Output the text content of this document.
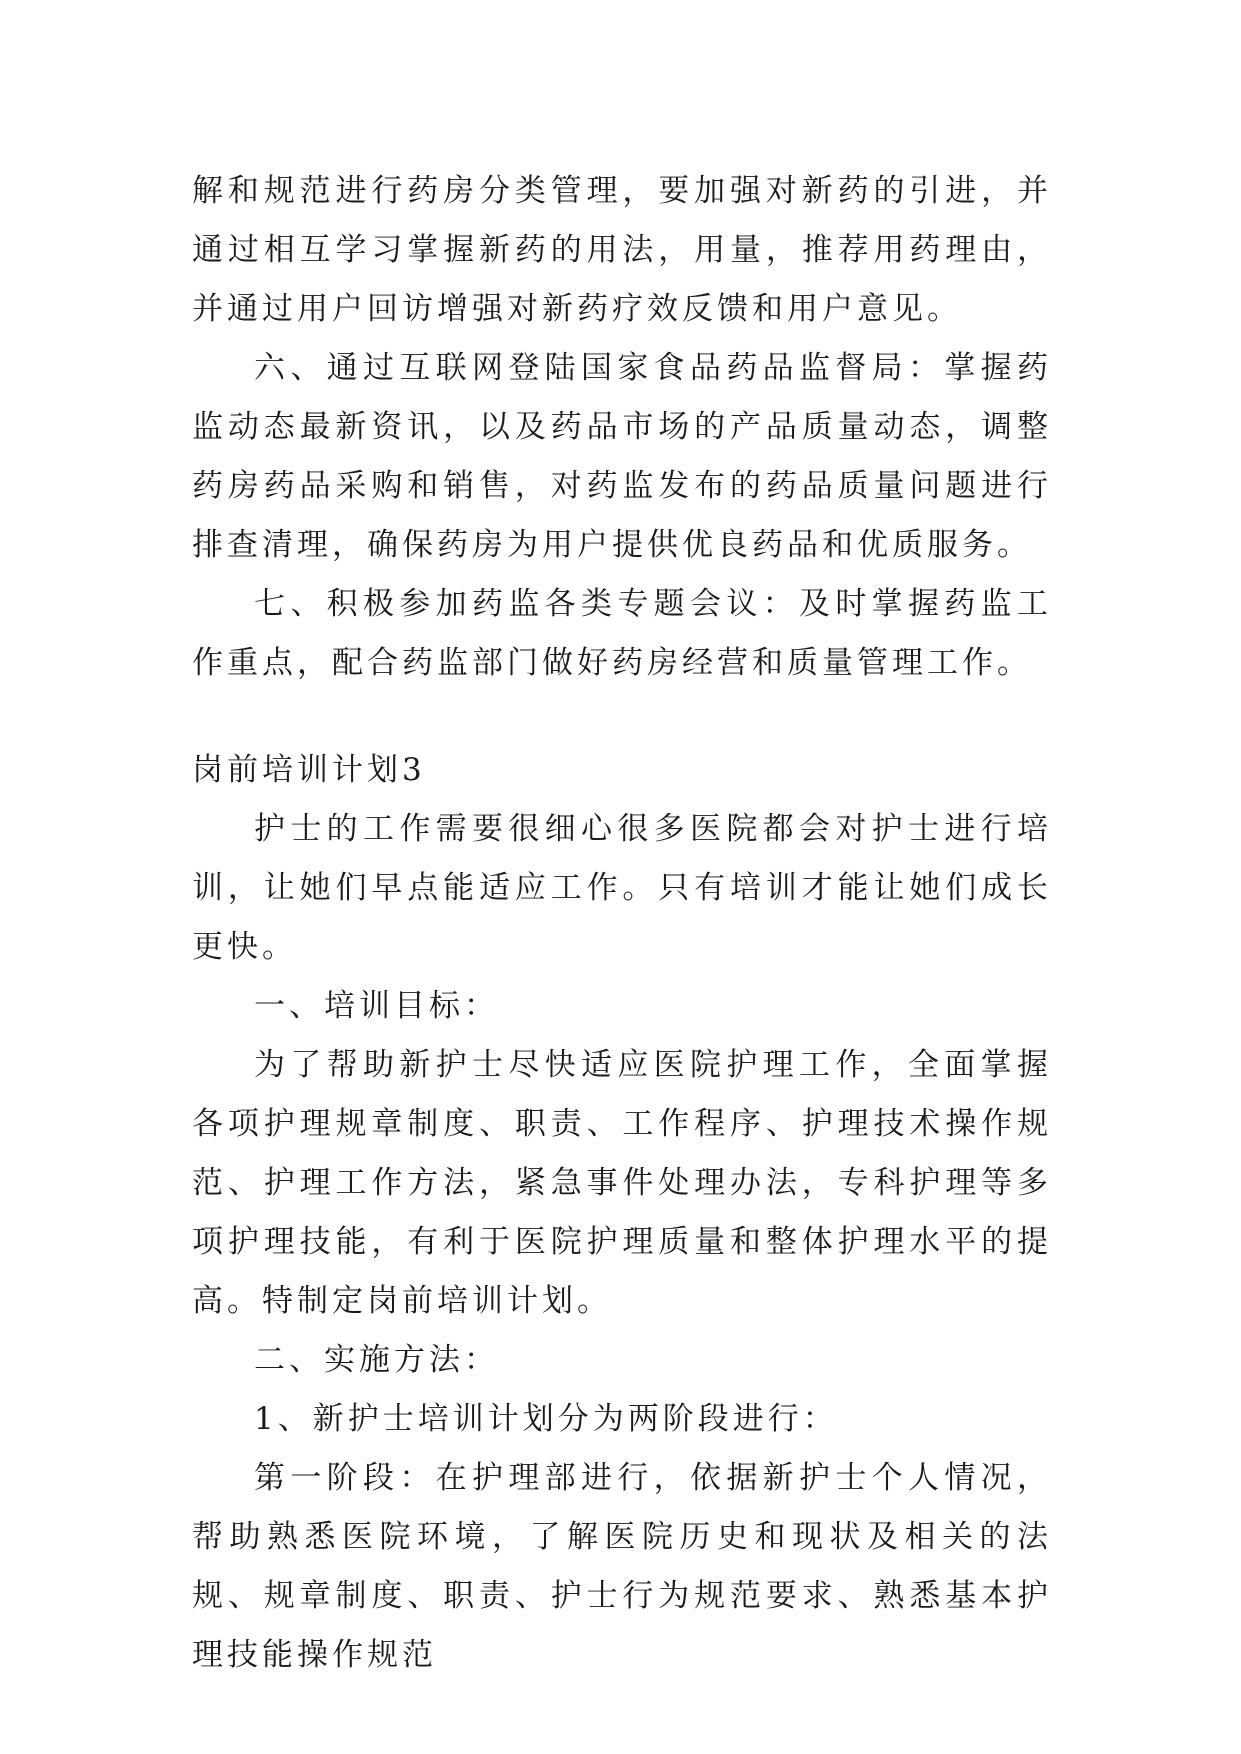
解和规范进行药房分类管理，要加强对新药的引进，并通过相互学习掌握新药的用法，用量，推荐用药理由，并通过用户回访增强对新药疗效反馈和用户意见。

六、通过互联网登陆国家食品药品监督局：掌握药监动态最新资讯，以及药品市场的产品质量动态，调整药房药品采购和销售，对药监发布的药品质量问题进行排查清理，确保药房为用户提供优良药品和优质服务。

七、积极参加药监各类专题会议：及时掌握药监工作重点，配合药监部门做好药房经营和质量管理工作。

岗前培训计划3

护士的工作需要很细心很多医院都会对护士进行培训，让她们早点能适应工作。只有培训才能让她们成长更快。

一、培训目标：

为了帮助新护士尽快适应医院护理工作，全面掌握各项护理规章制度、职责、工作程序、护理技术操作规范、护理工作方法，紧急事件处理办法，专科护理等多项护理技能，有利于医院护理质量和整体护理水平的提高。特制定岗前培训计划。

二、实施方法：

1、新护士培训计划分为两阶段进行：

第一阶段：在护理部进行，依据新护士个人情况，帮助熟悉医院环境，了解医院历史和现状及相关的法规、规章制度、职责、护士行为规范要求、熟悉基本护理技能操作规范
